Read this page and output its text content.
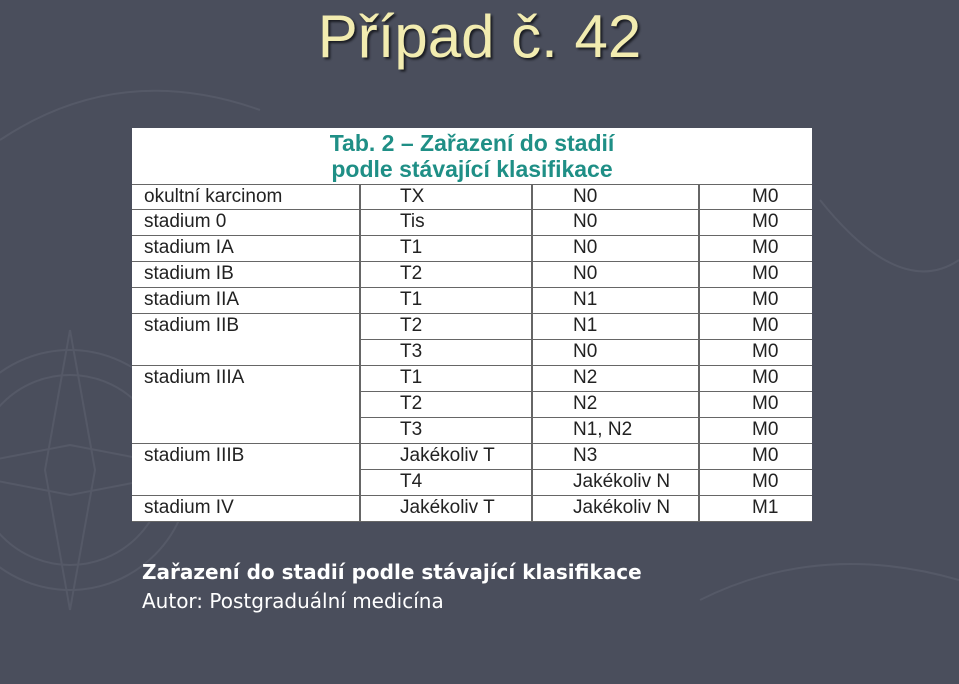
Případ č. 42
Tab. 2 – Zařazení do stadií
podle stávající klasifikace
okultní karcinom	TX	N0	M0
stadium 0	Tis	N0	M0
stadium IA	T1	N0	M0
stadium IB	T2	N0	M0
stadium IIA	T1	N1	M0
stadium IIB	T2	N1	M0
T3	N0	M0
stadium IIIA	T1	N2	M0
T2	N2	M0
T3	N1, N2	M0
stadium IIIB	Jakékoliv T	N3	M0
T4	Jakékoliv N	M0
stadium IV	Jakékoliv T	Jakékoliv N	M1
Zařazení do stadií podle stávající klasifikace
Autor: Postgraduální medicína
